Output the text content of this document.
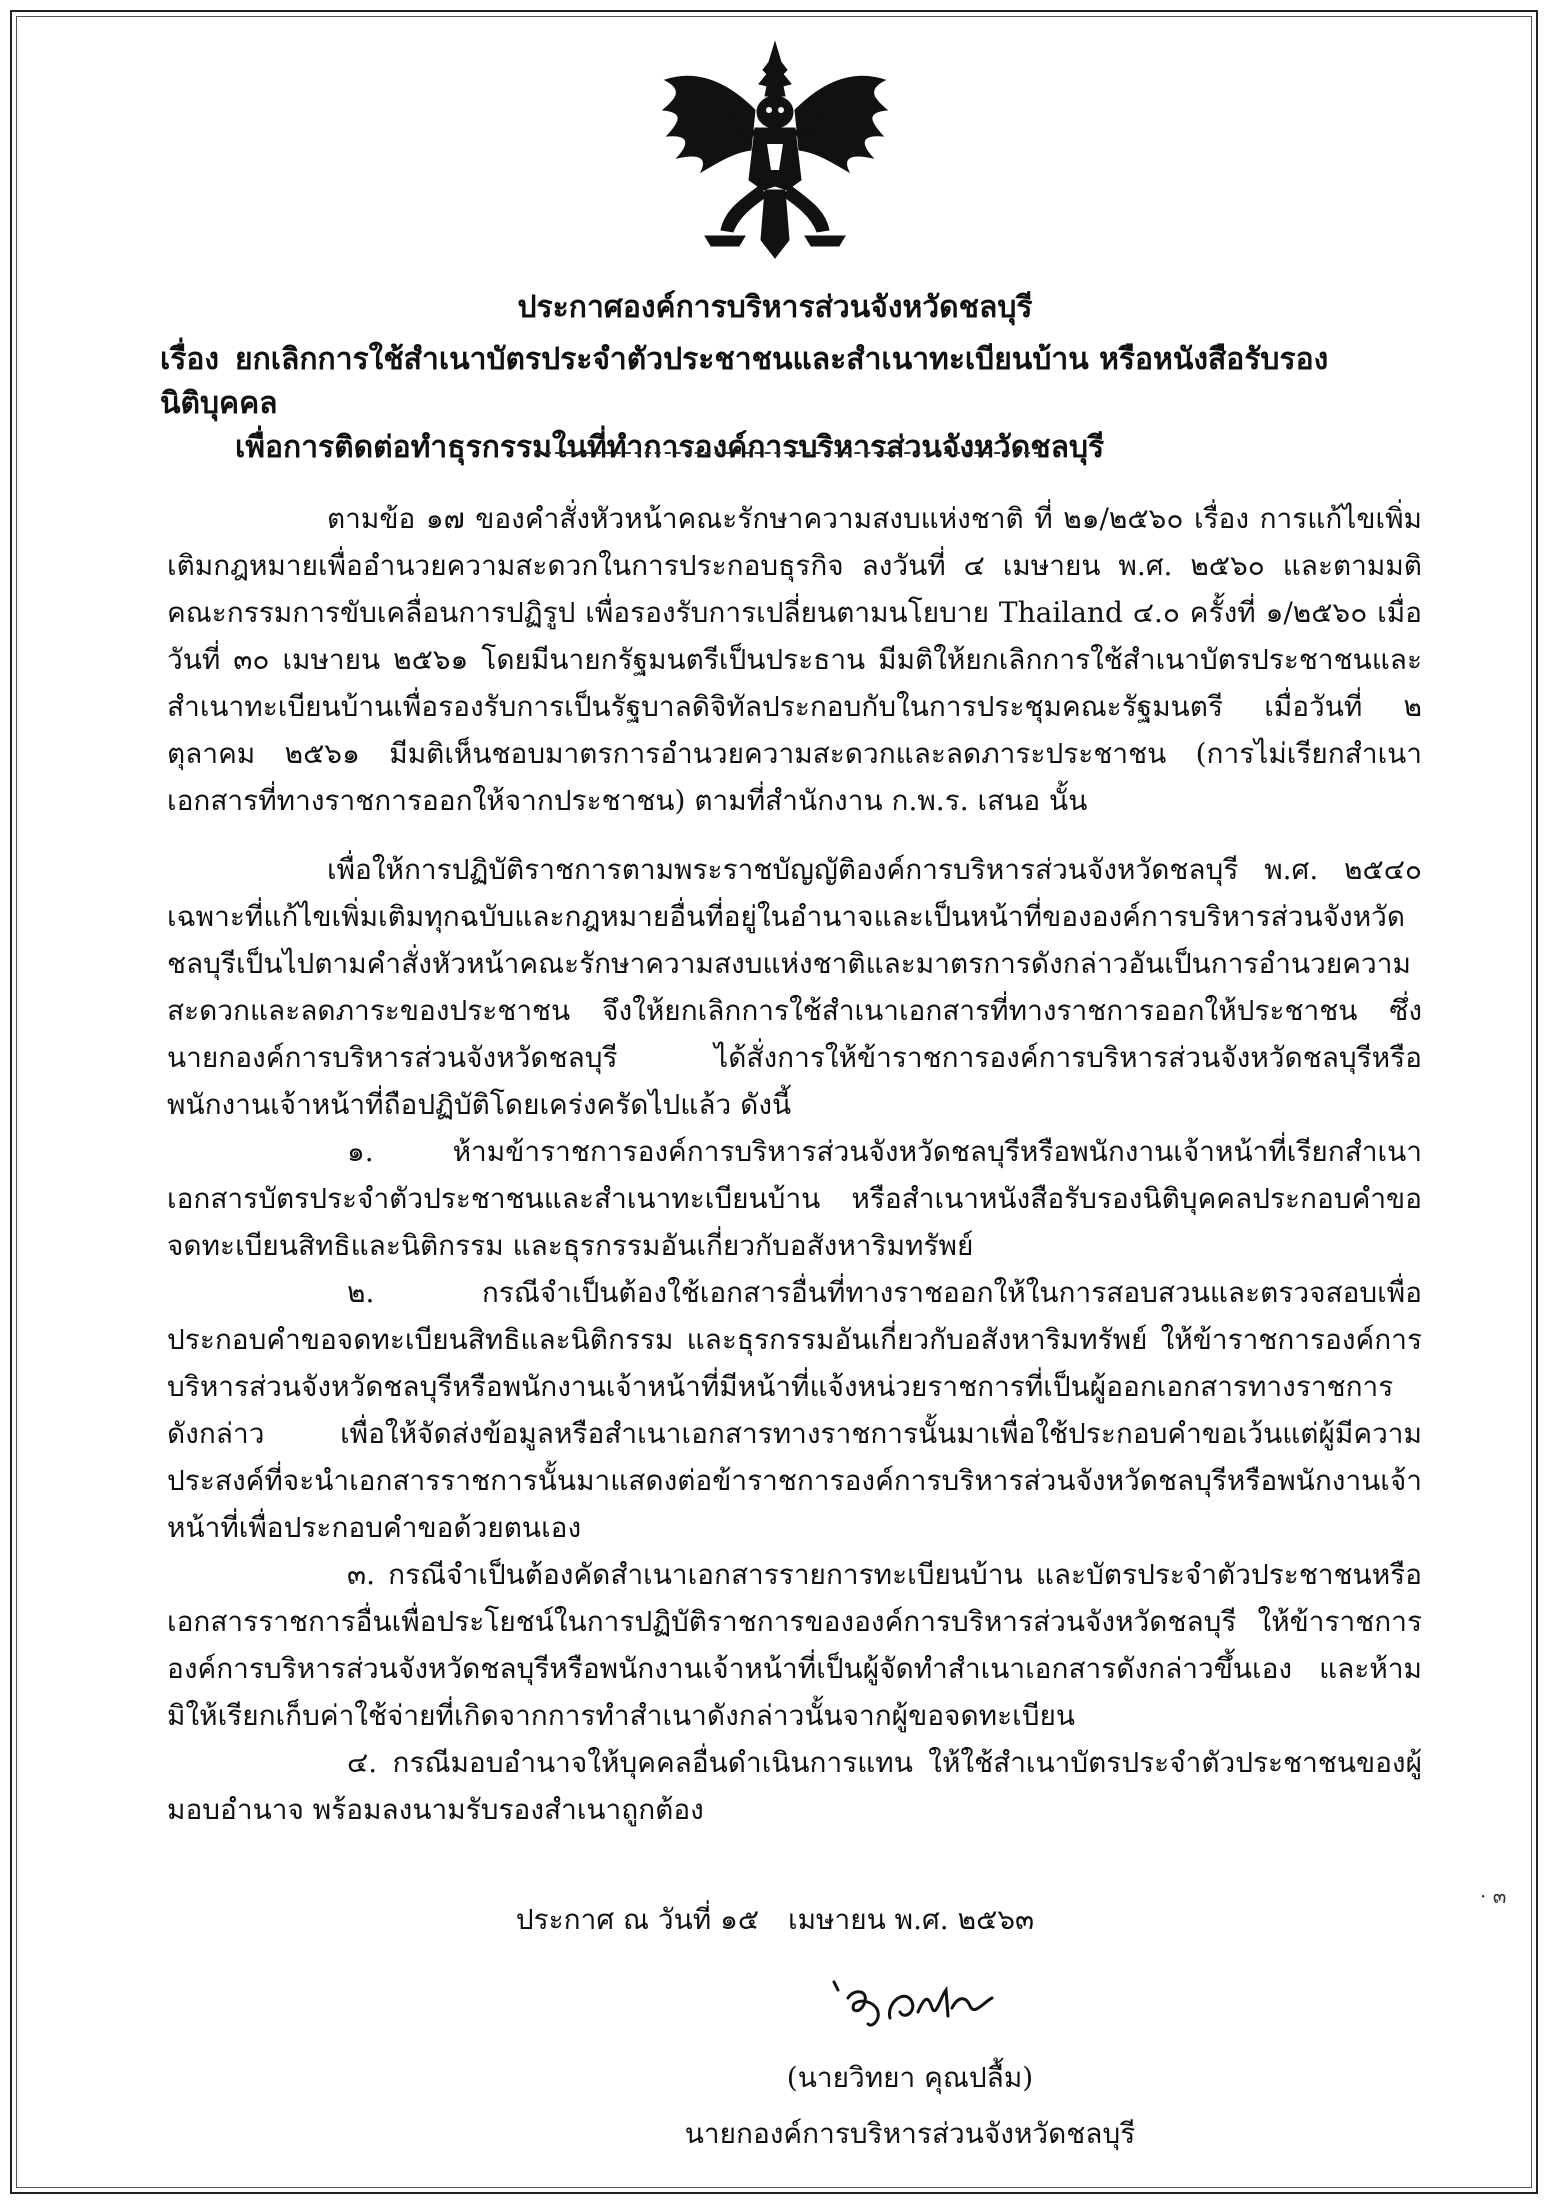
ประกาศองค์การบริหารส่วนจังหวัดชลบุรี
เรื่อง ยกเลิกการใช้สำเนาบัตรประจำตัวประชาชนและสำเนาทะเบียนบ้าน หรือหนังสือรับรองนิติบุคคล
เพื่อการติดต่อทำธุรกรรมในที่ทำการองค์การบริหารส่วนจังหวัดชลบุรี

ตามข้อ ๑๗ ของคำสั่งหัวหน้าคณะรักษาความสงบแห่งชาติ ที่ ๒๑/๒๕๖๐ เรื่อง การแก้ไขเพิ่มเติมกฎหมายเพื่ออำนวยความสะดวกในการประกอบธุรกิจ ลงวันที่ ๔ เมษายน พ.ศ. ๒๕๖๐ และตามมติคณะกรรมการขับเคลื่อนการปฏิรูป เพื่อรองรับการเปลี่ยนตามนโยบาย Thailand ๔.๐ ครั้งที่ ๑/๒๕๖๐ เมื่อวันที่ ๓๐ เมษายน ๒๕๖๑ โดยมีนายกรัฐมนตรีเป็นประธาน มีมติให้ยกเลิกการใช้สำเนาบัตรประชาชนและสำเนาทะเบียนบ้านเพื่อรองรับการเป็นรัฐบาลดิจิทัลประกอบกับในการประชุมคณะรัฐมนตรี เมื่อวันที่ ๒ ตุลาคม ๒๕๖๑ มีมติเห็นชอบมาตรการอำนวยความสะดวกและลดภาระประชาชน (การไม่เรียกสำเนาเอกสารที่ทางราชการออกให้จากประชาชน) ตามที่สำนักงาน ก.พ.ร. เสนอ นั้น

เพื่อให้การปฏิบัติราชการตามพระราชบัญญัติองค์การบริหารส่วนจังหวัดชลบุรี พ.ศ. ๒๕๔๐ เฉพาะที่แก้ไขเพิ่มเติมทุกฉบับและกฎหมายอื่นที่อยู่ในอำนาจและเป็นหน้าที่ขององค์การบริหารส่วนจังหวัดชลบุรีเป็นไปตามคำสั่งหัวหน้าคณะรักษาความสงบแห่งชาติและมาตรการดังกล่าวอันเป็นการอำนวยความสะดวกและลดภาระของประชาชน จึงให้ยกเลิกการใช้สำเนาเอกสารที่ทางราชการออกให้ประชาชน ซึ่งนายกองค์การบริหารส่วนจังหวัดชลบุรี ได้สั่งการให้ข้าราชการองค์การบริหารส่วนจังหวัดชลบุรีหรือพนักงานเจ้าหน้าที่ถือปฏิบัติโดยเคร่งครัดไปแล้ว ดังนี้

๑. ห้ามข้าราชการองค์การบริหารส่วนจังหวัดชลบุรีหรือพนักงานเจ้าหน้าที่เรียกสำเนาเอกสารบัตรประจำตัวประชาชนและสำเนาทะเบียนบ้าน หรือสำเนาหนังสือรับรองนิติบุคคลประกอบคำขอจดทะเบียนสิทธิและนิติกรรม และธุรกรรมอันเกี่ยวกับอสังหาริมทรัพย์

๒. กรณีจำเป็นต้องใช้เอกสารอื่นที่ทางราชออกให้ในการสอบสวนและตรวจสอบเพื่อประกอบคำขอจดทะเบียนสิทธิและนิติกรรม และธุรกรรมอันเกี่ยวกับอสังหาริมทรัพย์ ให้ข้าราชการองค์การบริหารส่วนจังหวัดชลบุรีหรือพนักงานเจ้าหน้าที่มีหน้าที่แจ้งหน่วยราชการที่เป็นผู้ออกเอกสารทางราชการดังกล่าว เพื่อให้จัดส่งข้อมูลหรือสำเนาเอกสารทางราชการนั้นมาเพื่อใช้ประกอบคำขอเว้นแต่ผู้มีความประสงค์ที่จะนำเอกสารราชการนั้นมาแสดงต่อข้าราชการองค์การบริหารส่วนจังหวัดชลบุรีหรือพนักงานเจ้าหน้าที่เพื่อประกอบคำขอด้วยตนเอง

๓. กรณีจำเป็นต้องคัดสำเนาเอกสารรายการทะเบียนบ้าน และบัตรประจำตัวประชาชนหรือเอกสารราชการอื่นเพื่อประโยชน์ในการปฏิบัติราชการขององค์การบริหารส่วนจังหวัดชลบุรี ให้ข้าราชการองค์การบริหารส่วนจังหวัดชลบุรีหรือพนักงานเจ้าหน้าที่เป็นผู้จัดทำสำเนาเอกสารดังกล่าวขึ้นเอง และห้ามมิให้เรียกเก็บค่าใช้จ่ายที่เกิดจากการทำสำเนาดังกล่าวนั้นจากผู้ขอจดทะเบียน

๔. กรณีมอบอำนาจให้บุคคลอื่นดำเนินการแทน ให้ใช้สำเนาบัตรประจำตัวประชาชนของผู้มอบอำนาจ พร้อมลงนามรับรองสำเนาถูกต้อง

· ๓
ประกาศ ณ วันที่ ๑๕ เมษายน พ.ศ. ๒๕๖๓
(นายวิทยา คุณปลื้ม)
นายกองค์การบริหารส่วนจังหวัดชลบุรี
